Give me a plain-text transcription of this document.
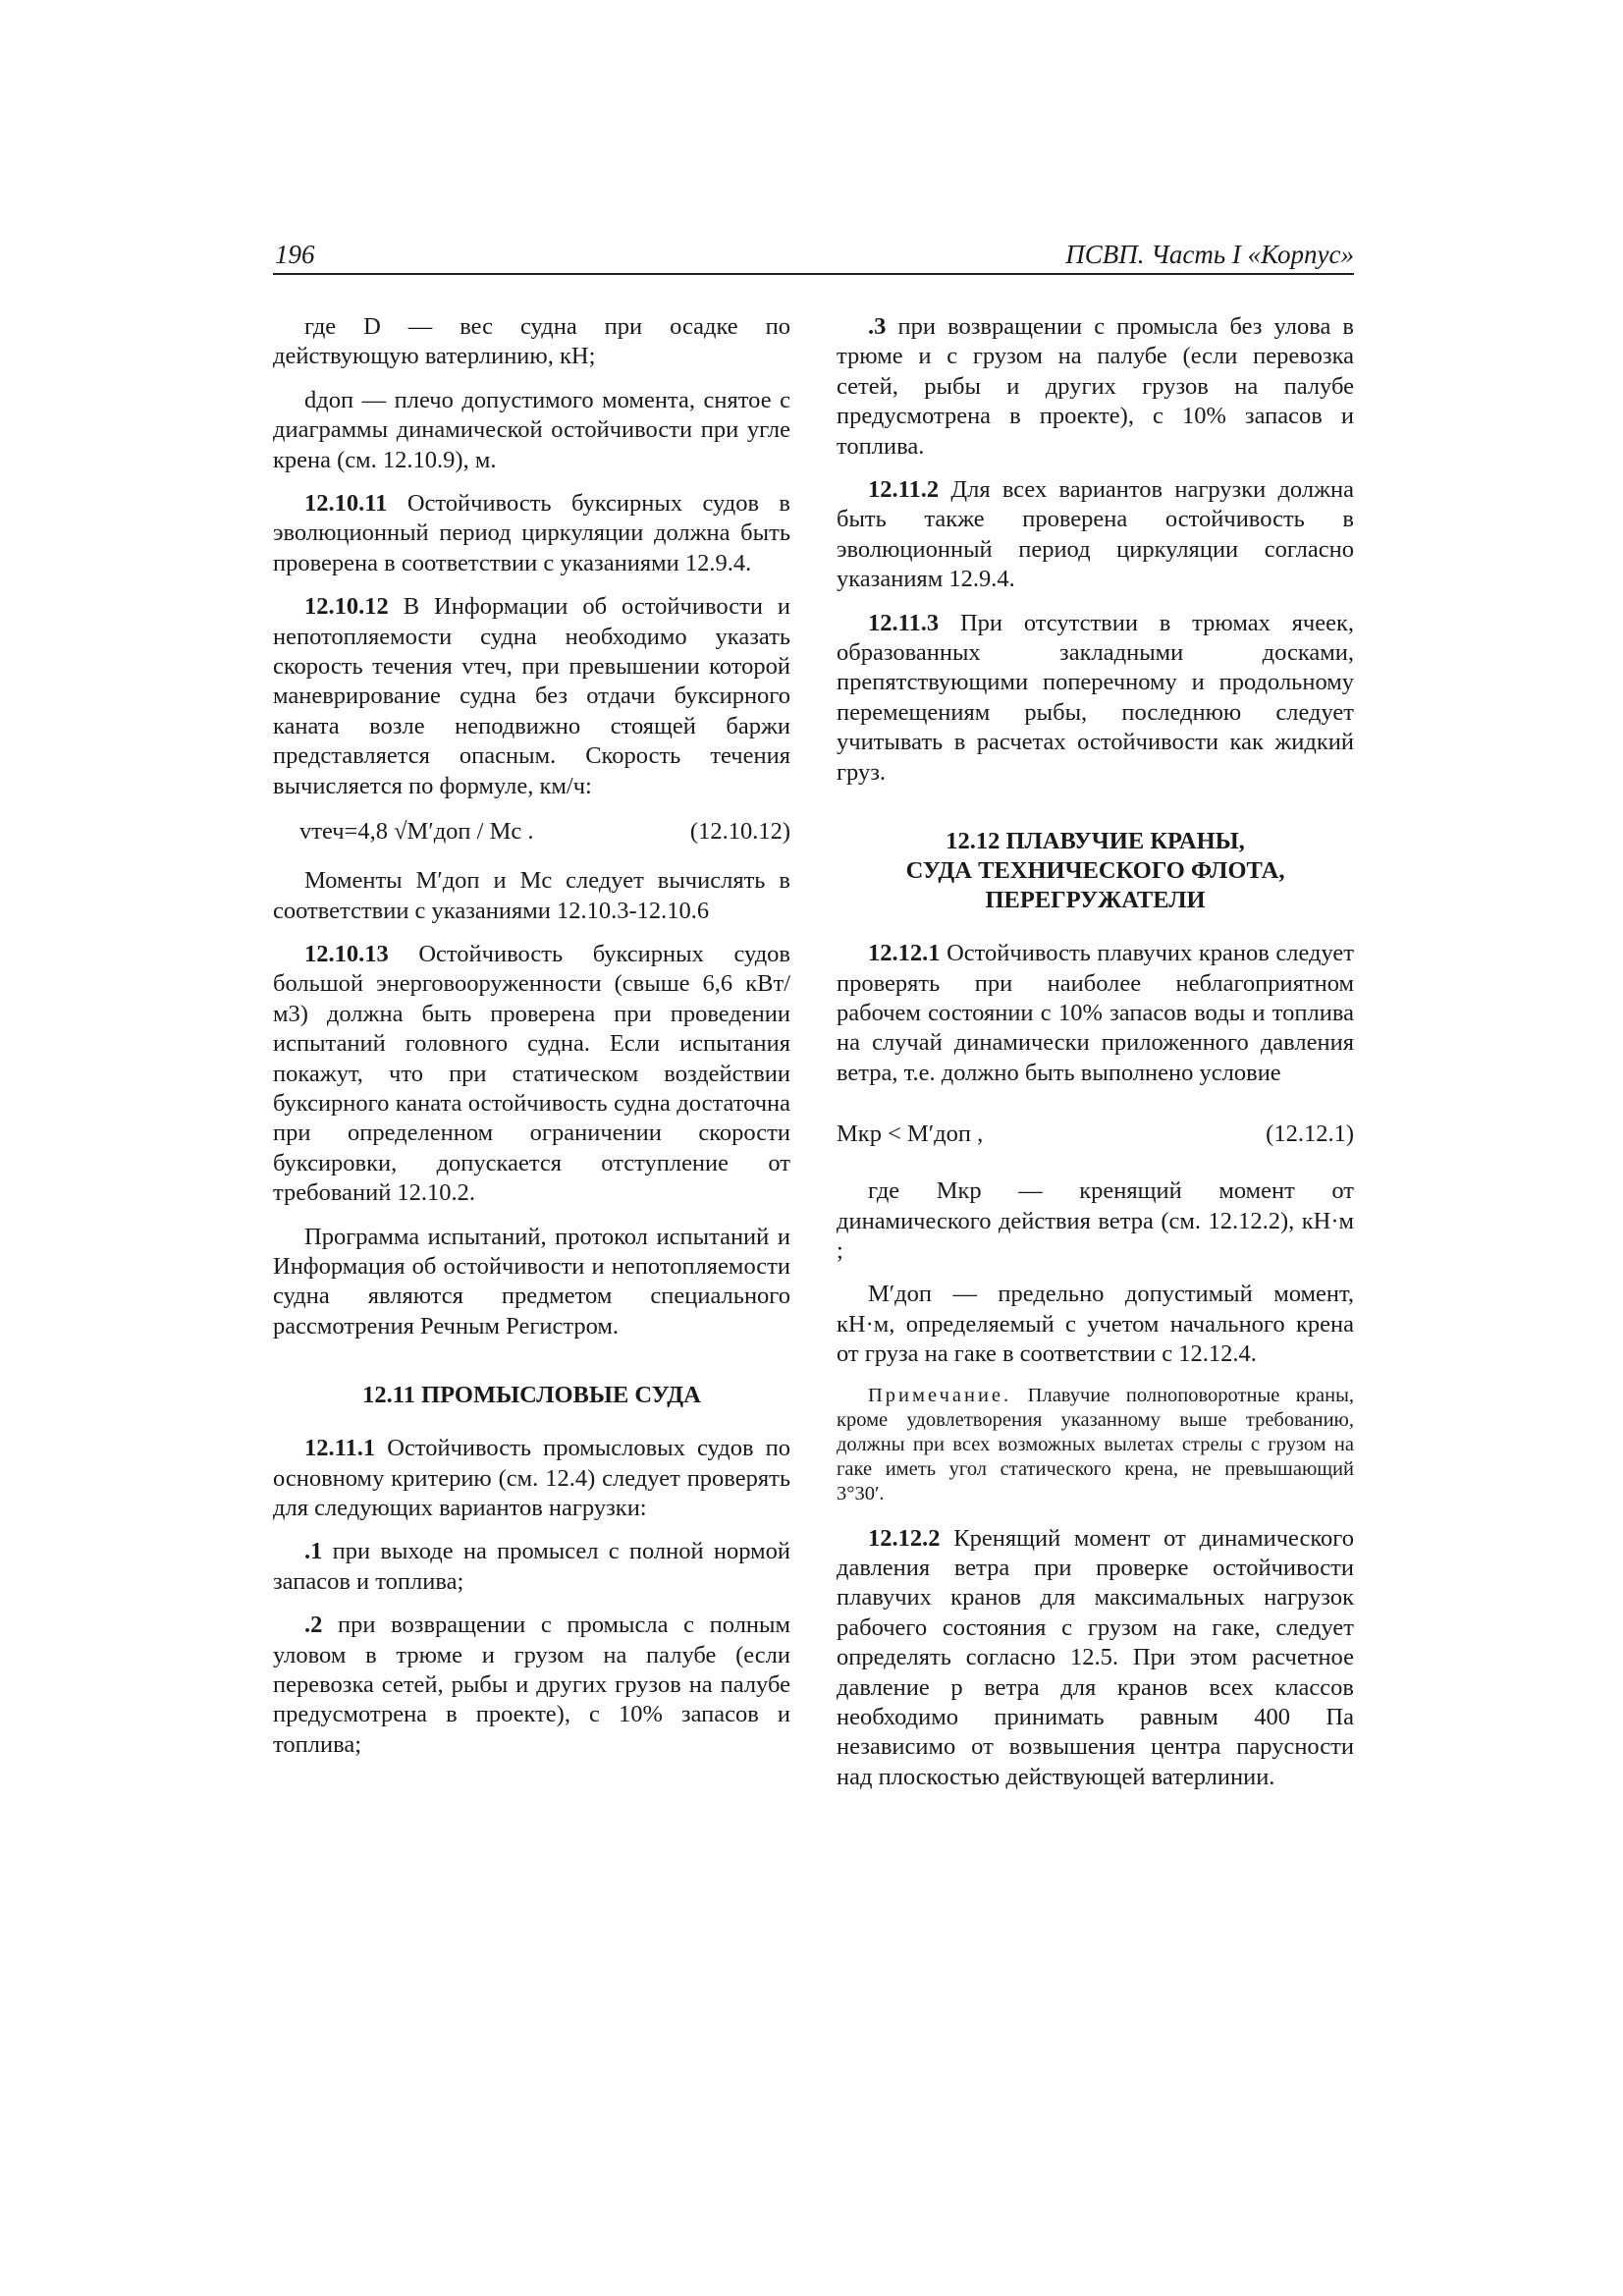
196	ПСВП. Часть I «Корпус»

где D — вес судна при осадке по действующую ватерлинию, кН;

dдоп — плечо допустимого момента, снятое с диаграммы динамической остойчивости при угле крена (см. 12.10.9), м.

12.10.11 Остойчивость буксирных судов в эволюционный период циркуляции должна быть проверена в соответствии с указаниями 12.9.4.

12.10.12 В Информации об остойчивости и непотопляемости судна необходимо указать скорость течения vтеч, при превышении которой маневрирование судна без отдачи буксирного каната возле неподвижно стоящей баржи представляется опасным. Скорость течения вычисляется по формуле, км/ч:

vтеч=4,8 √M′доп / Mс .	(12.10.12)

Моменты M′доп и Mс следует вычислять в соответствии с указаниями 12.10.3-12.10.6

12.10.13 Остойчивость буксирных судов большой энерговооруженности (свыше 6,6 кВт/м3) должна быть проверена при проведении испытаний головного судна. Если испытания покажут, что при статическом воздействии буксирного каната остойчивость судна достаточна при определенном ограничении скорости буксировки, допускается отступление от требований 12.10.2.

Программа испытаний, протокол испытаний и Информация об остойчивости и непотопляемости судна являются предметом специального рассмотрения Речным Регистром.

12.11 ПРОМЫСЛОВЫЕ СУДА

12.11.1 Остойчивость промысловых судов по основному критерию (см. 12.4) следует проверять для следующих вариантов нагрузки:

.1 при выходе на промысел с полной нормой запасов и топлива;

.2 при возвращении с промысла с полным уловом в трюме и грузом на палубе (если перевозка сетей, рыбы и других грузов на палубе предусмотрена в проекте), с 10% запасов и топлива;

.3 при возвращении с промысла без улова в трюме и с грузом на палубе (если перевозка сетей, рыбы и других грузов на палубе предусмотрена в проекте), с 10% запасов и топлива.

12.11.2 Для всех вариантов нагрузки должна быть также проверена остойчивость в эволюционный период циркуляции согласно указаниям 12.9.4.

12.11.3 При отсутствии в трюмах ячеек, образованных закладными досками, препятствующими поперечному и продольному перемещениям рыбы, последнюю следует учитывать в расчетах остойчивости как жидкий груз.

12.12 ПЛАВУЧИЕ КРАНЫ,
СУДА ТЕХНИЧЕСКОГО ФЛОТА,
ПЕРЕГРУЖАТЕЛИ

12.12.1 Остойчивость плавучих кранов следует проверять при наиболее неблагоприятном рабочем состоянии с 10% запасов воды и топлива на случай динамически приложенного давления ветра, т.е. должно быть выполнено условие

Mкр < M′доп ,	(12.12.1)

где Mкр — кренящий момент от динамического действия ветра (см. 12.12.2), кН·м ;

M′доп — предельно допустимый момент, кН·м, определяемый с учетом начального крена от груза на гаке в соответствии с 12.12.4.

Примечание. Плавучие полноповоротные краны, кроме удовлетворения указанному выше требованию, должны при всех возможных вылетах стрелы с грузом на гаке иметь угол статического крена, не превышающий 3°30′.

12.12.2 Кренящий момент от динамического давления ветра при проверке остойчивости плавучих кранов для максимальных нагрузок рабочего состояния с грузом на гаке, следует определять согласно 12.5. При этом расчетное давление p ветра для кранов всех классов необходимо принимать равным 400 Па независимо от возвышения центра парусности над плоскостью действующей ватерлинии.
